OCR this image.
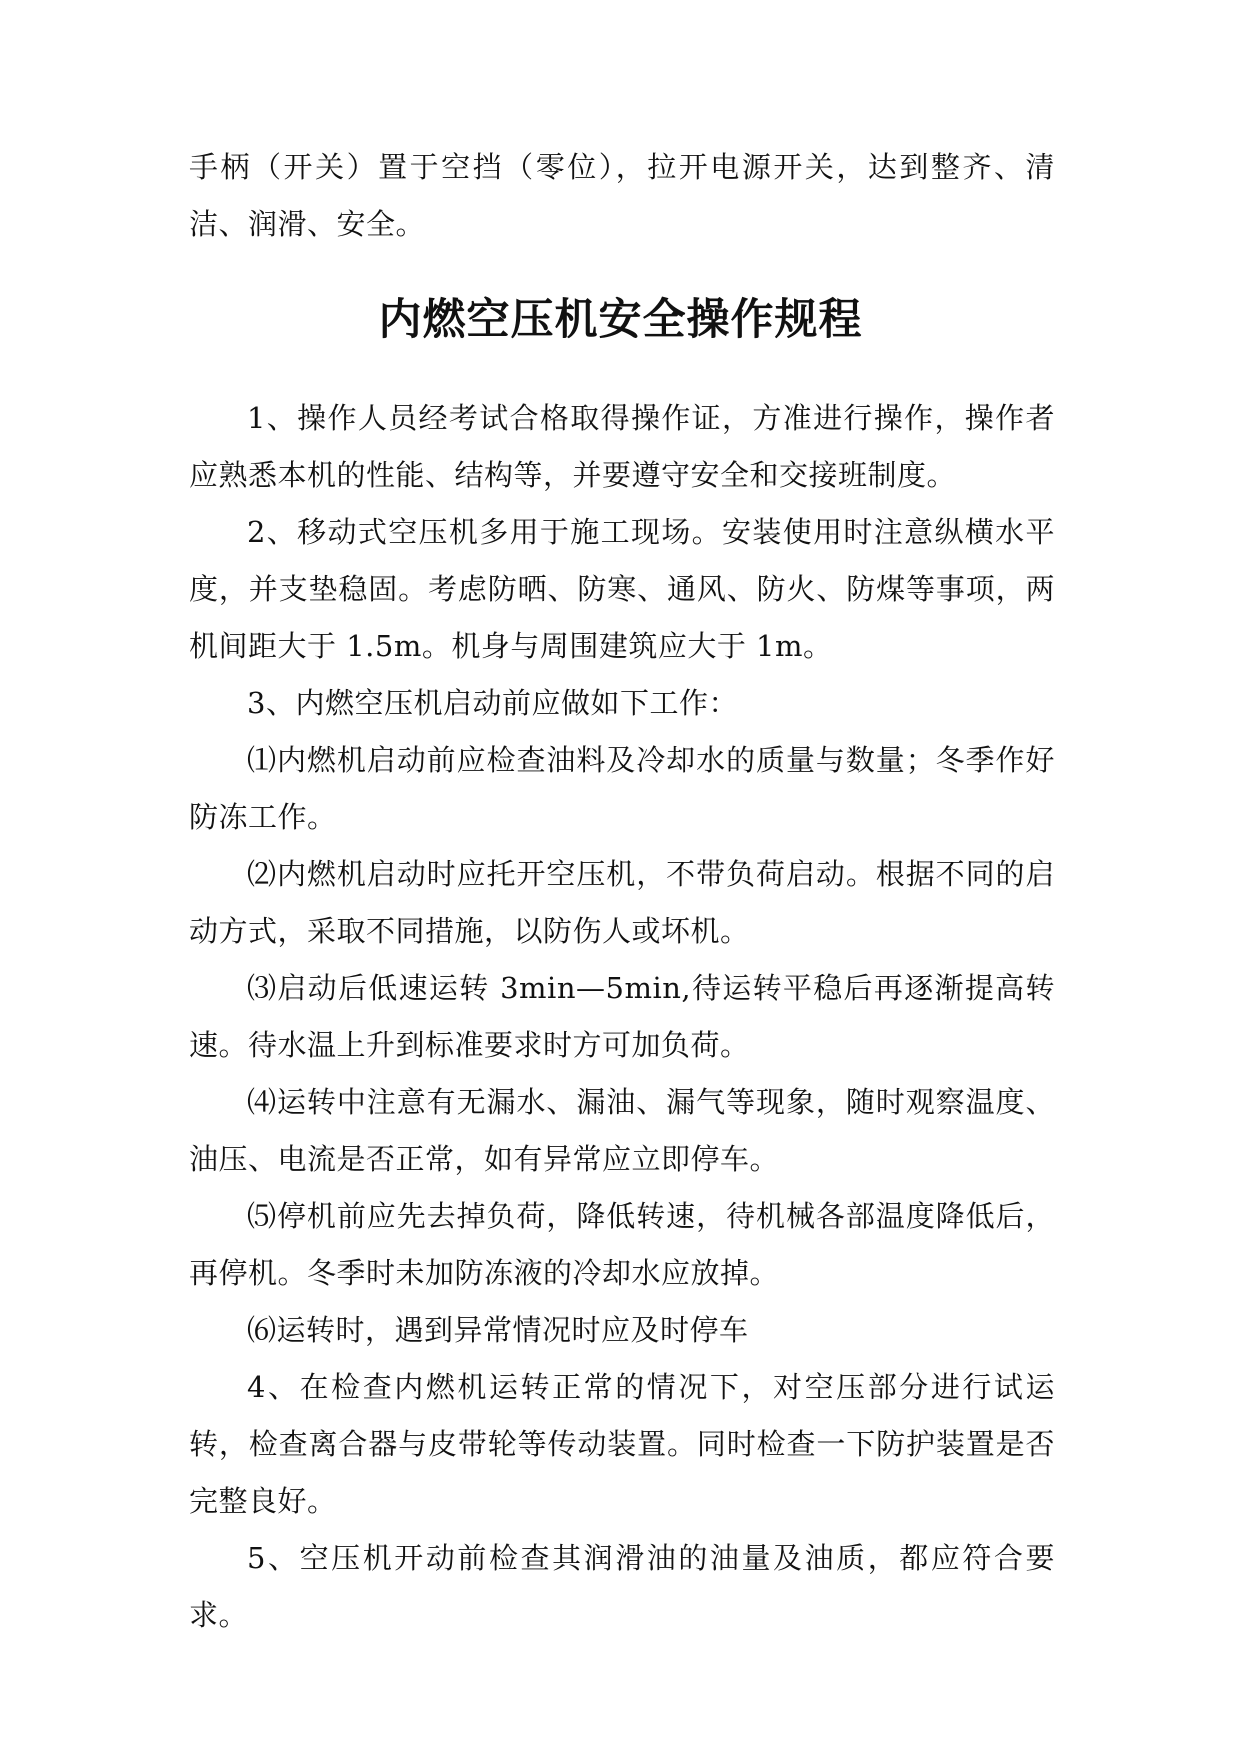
手柄（开关）置于空挡（零位），拉开电源开关，达到整齐、清洁、润滑、安全。

内燃空压机安全操作规程

1、操作人员经考试合格取得操作证，方准进行操作，操作者应熟悉本机的性能、结构等，并要遵守安全和交接班制度。

2、移动式空压机多用于施工现场。安装使用时注意纵横水平度，并支垫稳固。考虑防晒、防寒、通风、防火、防煤等事项，两机间距大于 1.5m。机身与周围建筑应大于 1m。

3、内燃空压机启动前应做如下工作：

⑴内燃机启动前应检查油料及冷却水的质量与数量；冬季作好防冻工作。

⑵内燃机启动时应托开空压机，不带负荷启动。根据不同的启动方式，采取不同措施，以防伤人或坏机。

⑶启动后低速运转 3min—5min,待运转平稳后再逐渐提高转速。待水温上升到标准要求时方可加负荷。

⑷运转中注意有无漏水、漏油、漏气等现象，随时观察温度、油压、电流是否正常，如有异常应立即停车。

⑸停机前应先去掉负荷，降低转速，待机械各部温度降低后，再停机。冬季时未加防冻液的冷却水应放掉。

⑹运转时，遇到异常情况时应及时停车

4、在检查内燃机运转正常的情况下，对空压部分进行试运转，检查离合器与皮带轮等传动装置。同时检查一下防护装置是否完整良好。

5、空压机开动前检查其润滑油的油量及油质，都应符合要求。
